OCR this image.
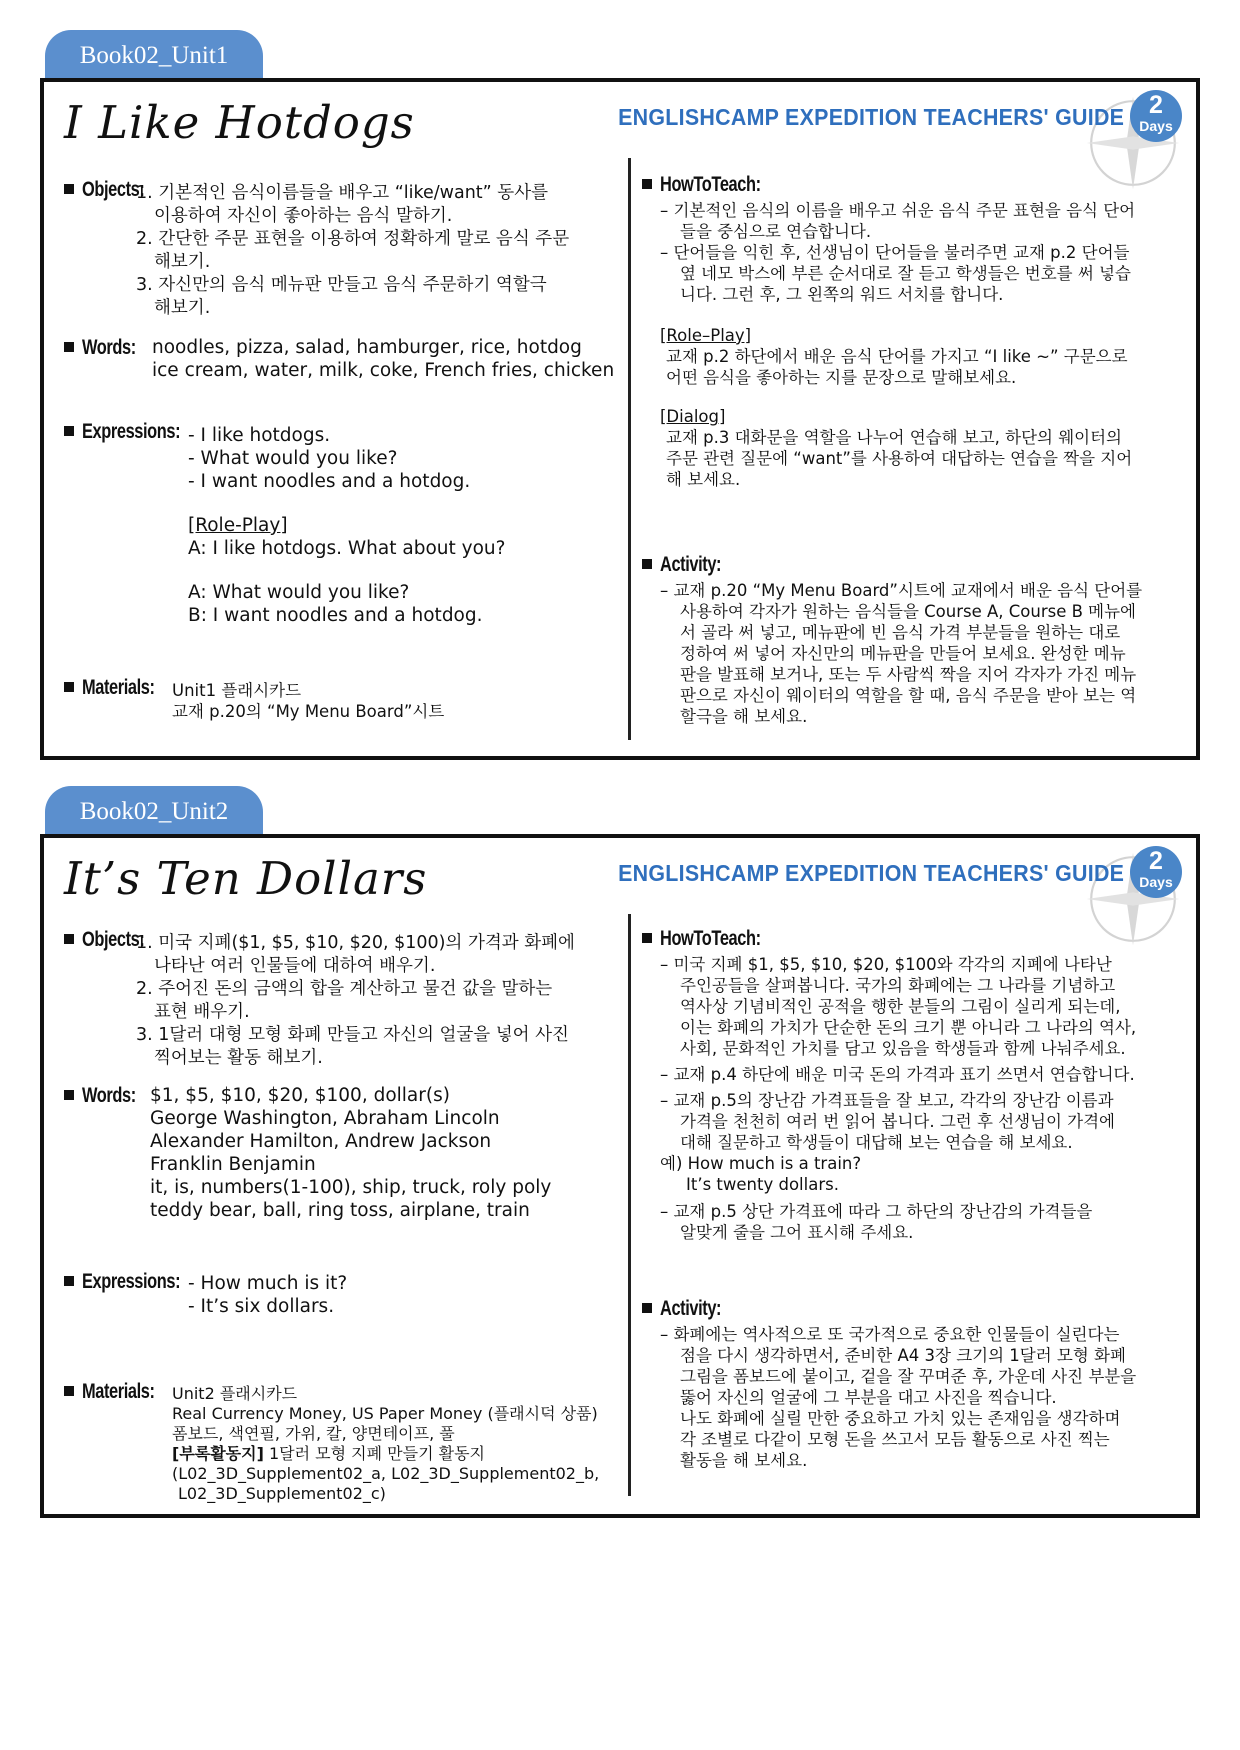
Book02_Unit1
I Like Hotdogs	ENGLISHCAMP EXPEDITION TEACHERS' GUIDE	2
Days
Objects:
1. 기본적인 음식이름들을 배우고 “like/want” 동사를
이용하여 자신이 좋아하는 음식 말하기.
2. 간단한 주문 표현을 이용하여 정확하게 말로 음식 주문
해보기.
3. 자신만의 음식 메뉴판 만들고 음식 주문하기 역할극
해보기.
Words: noodles, pizza, salad, hamburger, rice, hotdog
ice cream, water, milk, coke, French fries, chicken
Expressions: - I like hotdogs.
- What would you like?
- I want noodles and a hotdog.
[Role-Play]
A: I like hotdogs. What about you?
A: What would you like?
B: I want noodles and a hotdog.
Materials:	Unit1 플래시카드
교재 p.20의 “My Menu Board”시트
HowToTeach:
– 기본적인 음식의 이름을 배우고 쉬운 음식 주문 표현을 음식 단어
들을 중심으로 연습합니다.
– 단어들을 익힌 후, 선생님이 단어들을 불러주면 교재 p.2 단어들
옆 네모 박스에 부른 순서대로 잘 듣고 학생들은 번호를 써 넣습
니다. 그런 후, 그 왼쪽의 워드 서치를 합니다.
[Role–Play]
교재 p.2 하단에서 배운 음식 단어를 가지고 “I like ~” 구문으로
어떤 음식을 좋아하는 지를 문장으로 말해보세요.
[Dialog]
교재 p.3 대화문을 역할을 나누어 연습해 보고, 하단의 웨이터의
주문 관련 질문에 “want”를 사용하여 대답하는 연습을 짝을 지어
해 보세요.
Activity:
– 교재 p.20 “My Menu Board”시트에 교재에서 배운 음식 단어를
사용하여 각자가 원하는 음식들을 Course A, Course B 메뉴에
서 골라 써 넣고, 메뉴판에 빈 음식 가격 부분들을 원하는 대로
정하여 써 넣어 자신만의 메뉴판을 만들어 보세요. 완성한 메뉴
판을 발표해 보거나, 또는 두 사람씩 짝을 지어 각자가 가진 메뉴
판으로 자신이 웨이터의 역할을 할 때, 음식 주문을 받아 보는 역
할극을 해 보세요.
Book02_Unit2
It’s Ten Dollars	ENGLISHCAMP EXPEDITION TEACHERS' GUIDE	2
Days
Objects:
1. 미국 지폐($1, $5, $10, $20, $100)의 가격과 화폐에
나타난 여러 인물들에 대하여 배우기.
2. 주어진 돈의 금액의 합을 계산하고 물건 값을 말하는
표현 배우기.
3. 1달러 대형 모형 화폐 만들고 자신의 얼굴을 넣어 사진
찍어보는 활동 해보기.
Words: $1, $5, $10, $20, $100, dollar(s)
George Washington, Abraham Lincoln
Alexander Hamilton, Andrew Jackson
Franklin Benjamin
it, is, numbers(1-100), ship, truck, roly poly
teddy bear, ball, ring toss, airplane, train
Expressions: - How much is it?
- It’s six dollars.
Materials:	Unit2 플래시카드
Real Currency Money, US Paper Money (플래시덕 상품)
폼보드, 색연필, 가위, 칼, 양면테이프, 풀
[부록활동지] 1달러 모형 지폐 만들기 활동지
(L02_3D_Supplement02_a, L02_3D_Supplement02_b,
L02_3D_Supplement02_c)
HowToTeach:
– 미국 지폐 $1, $5, $10, $20, $100와 각각의 지폐에 나타난
주인공들을 살펴봅니다. 국가의 화폐에는 그 나라를 기념하고
역사상 기념비적인 공적을 행한 분들의 그림이 실리게 되는데,
이는 화폐의 가치가 단순한 돈의 크기 뿐 아니라 그 나라의 역사,
사회, 문화적인 가치를 담고 있음을 학생들과 함께 나눠주세요.
– 교재 p.4 하단에 배운 미국 돈의 가격과 표기 쓰면서 연습합니다.
– 교재 p.5의 장난감 가격표들을 잘 보고, 각각의 장난감 이름과
가격을 천천히 여러 번 읽어 봅니다. 그런 후 선생님이 가격에
대해 질문하고 학생들이 대답해 보는 연습을 해 보세요.
예) How much is a train?
It’s twenty dollars.
– 교재 p.5 상단 가격표에 따라 그 하단의 장난감의 가격들을
알맞게 줄을 그어 표시해 주세요.
Activity:
– 화폐에는 역사적으로 또 국가적으로 중요한 인물들이 실린다는
점을 다시 생각하면서, 준비한 A4 3장 크기의 1달러 모형 화폐
그림을 폼보드에 붙이고, 겉을 잘 꾸며준 후, 가운데 사진 부분을
뚫어 자신의 얼굴에 그 부분을 대고 사진을 찍습니다.
나도 화폐에 실릴 만한 중요하고 가치 있는 존재임을 생각하며
각 조별로 다같이 모형 돈을 쓰고서 모듬 활동으로 사진 찍는
활동을 해 보세요.
